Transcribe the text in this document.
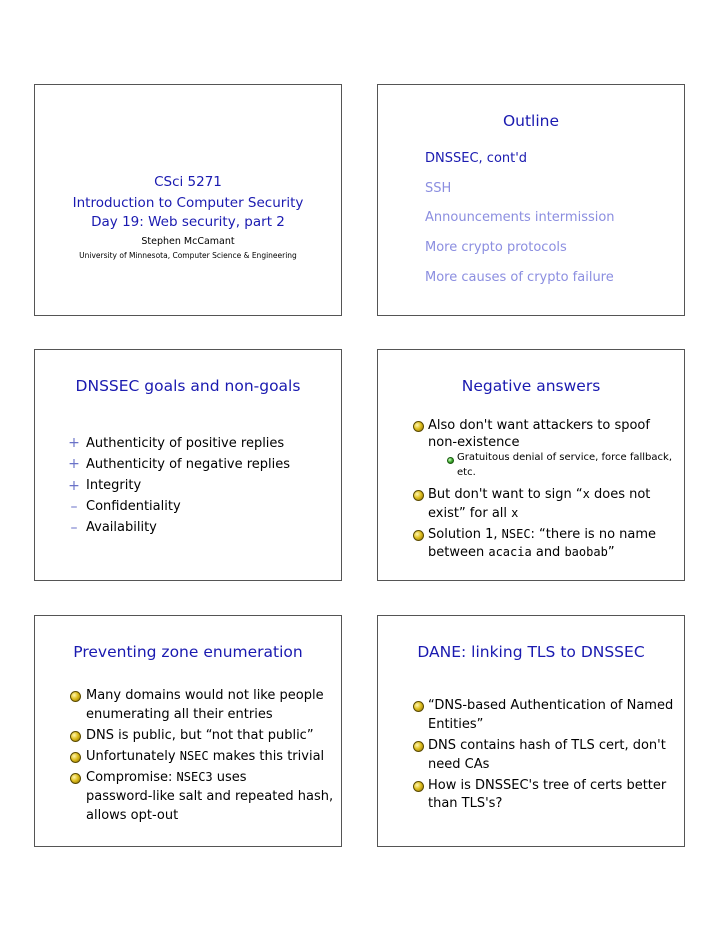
CSci 5271
Introduction to Computer Security
Day 19: Web security, part 2
Stephen McCamant
University of Minnesota, Computer Science & Engineering
Outline
DNSSEC, cont'd
SSH
Announcements intermission
More crypto protocols
More causes of crypto failure
DNSSEC goals and non-goals
+ Authenticity of positive replies
+ Authenticity of negative replies
+ Integrity
– Confidentiality
– Availability
Negative answers
Also don't want attackers to spoof
non-existence
Gratuitous denial of service, force fallback,
etc.
But don't want to sign “x does not
exist” for all x
Solution 1, NSEC: “there is no name
between acacia and baobab”
Preventing zone enumeration
Many domains would not like people
enumerating all their entries
DNS is public, but “not that public”
Unfortunately NSEC makes this trivial
Compromise: NSEC3 uses
password-like salt and repeated hash,
allows opt-out
DANE: linking TLS to DNSSEC
“DNS-based Authentication of Named
Entities”
DNS contains hash of TLS cert, don't
need CAs
How is DNSSEC's tree of certs better
than TLS's?
